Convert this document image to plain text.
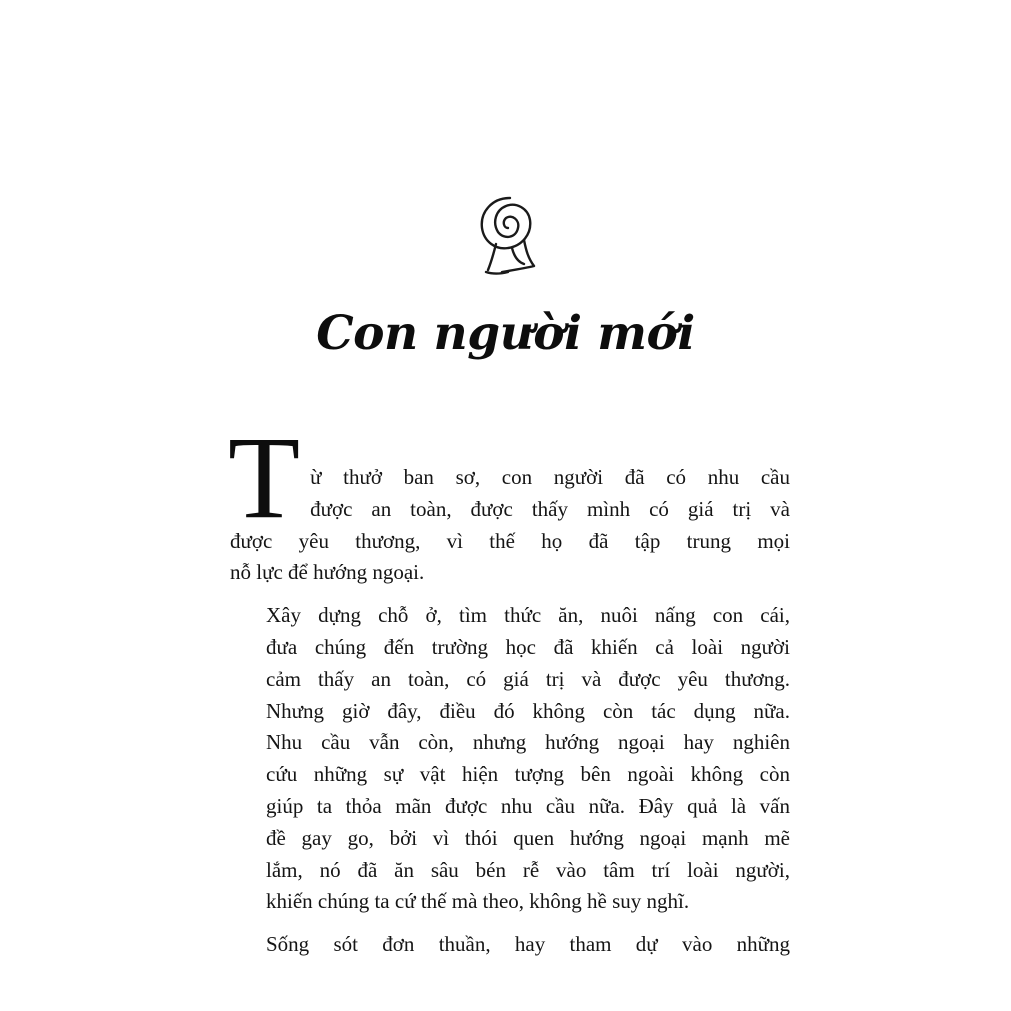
Con người mới

T ừ thưở ban sơ, con người đã có nhu cầu
được an toàn, được thấy mình có giá trị và
được yêu thương, vì thế họ đã tập trung mọi
nỗ lực để hướng ngoại.

Xây dựng chỗ ở, tìm thức ăn, nuôi nấng con cái,
đưa chúng đến trường học đã khiến cả loài người
cảm thấy an toàn, có giá trị và được yêu thương.
Nhưng giờ đây, điều đó không còn tác dụng nữa.
Nhu cầu vẫn còn, nhưng hướng ngoại hay nghiên
cứu những sự vật hiện tượng bên ngoài không còn
giúp ta thỏa mãn được nhu cầu nữa. Đây quả là vấn
đề gay go, bởi vì thói quen hướng ngoại mạnh mẽ
lắm, nó đã ăn sâu bén rễ vào tâm trí loài người,
khiến chúng ta cứ thế mà theo, không hề suy nghĩ.

Sống sót đơn thuần, hay tham dự vào những
